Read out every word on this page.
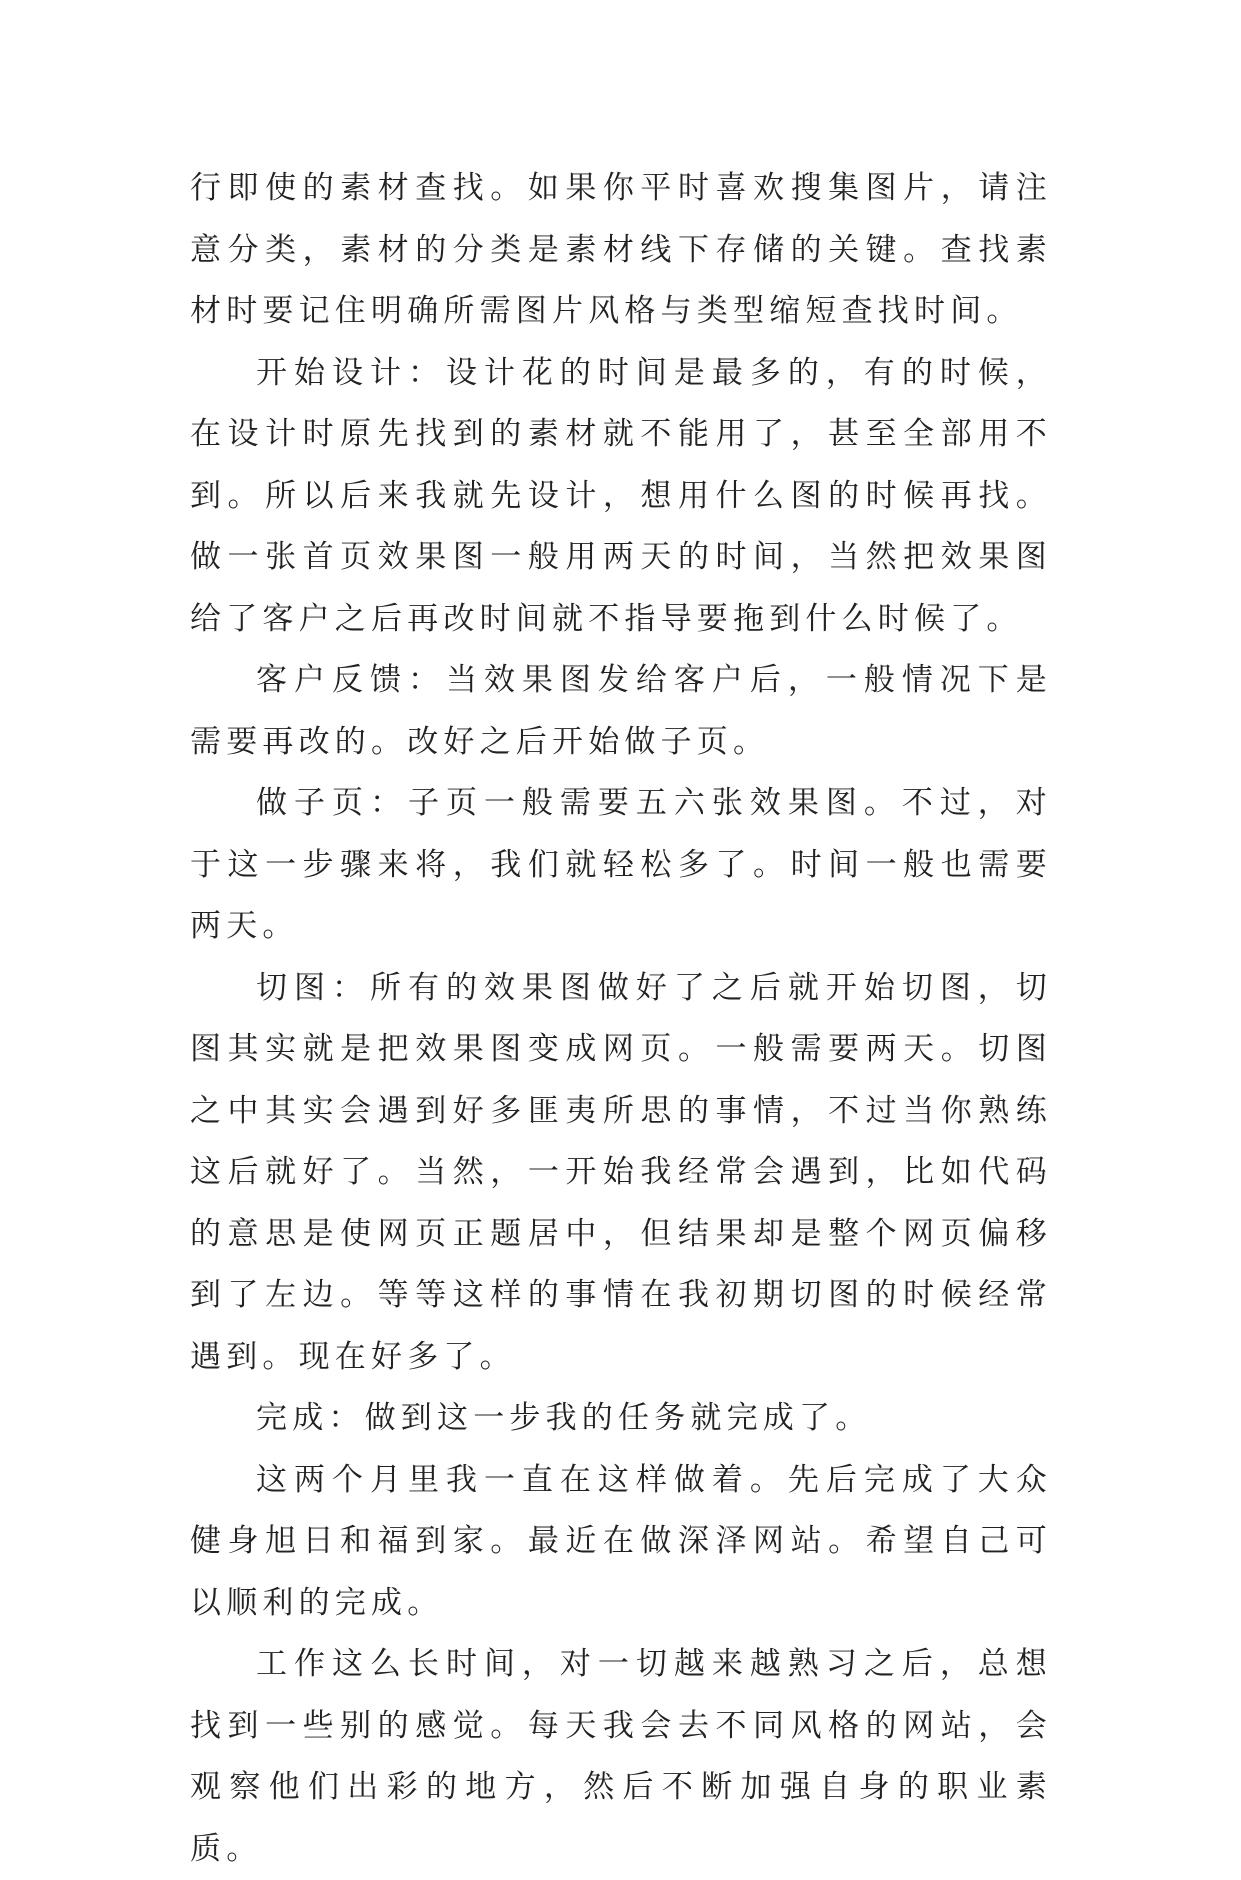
行即使的素材查找。如果你平时喜欢搜集图片，请注意分类，素材的分类是素材线下存储的关键。查找素材时要记住明确所需图片风格与类型缩短查找时间。

开始设计：设计花的时间是最多的，有的时候，在设计时原先找到的素材就不能用了，甚至全部用不到。所以后来我就先设计，想用什么图的时候再找。做一张首页效果图一般用两天的时间，当然把效果图给了客户之后再改时间就不指导要拖到什么时候了。

客户反馈：当效果图发给客户后，一般情况下是需要再改的。改好之后开始做子页。

做子页：子页一般需要五六张效果图。不过，对于这一步骤来将，我们就轻松多了。时间一般也需要两天。

切图：所有的效果图做好了之后就开始切图，切图其实就是把效果图变成网页。一般需要两天。切图之中其实会遇到好多匪夷所思的事情，不过当你熟练这后就好了。当然，一开始我经常会遇到，比如代码的意思是使网页正题居中，但结果却是整个网页偏移到了左边。等等这样的事情在我初期切图的时候经常遇到。现在好多了。

完成：做到这一步我的任务就完成了。

这两个月里我一直在这样做着。先后完成了大众健身旭日和福到家。最近在做深泽网站。希望自己可以顺利的完成。

工作这么长时间，对一切越来越熟习之后，总想找到一些别的感觉。每天我会去不同风格的网站，会观察他们出彩的地方，然后不断加强自身的职业素质。
